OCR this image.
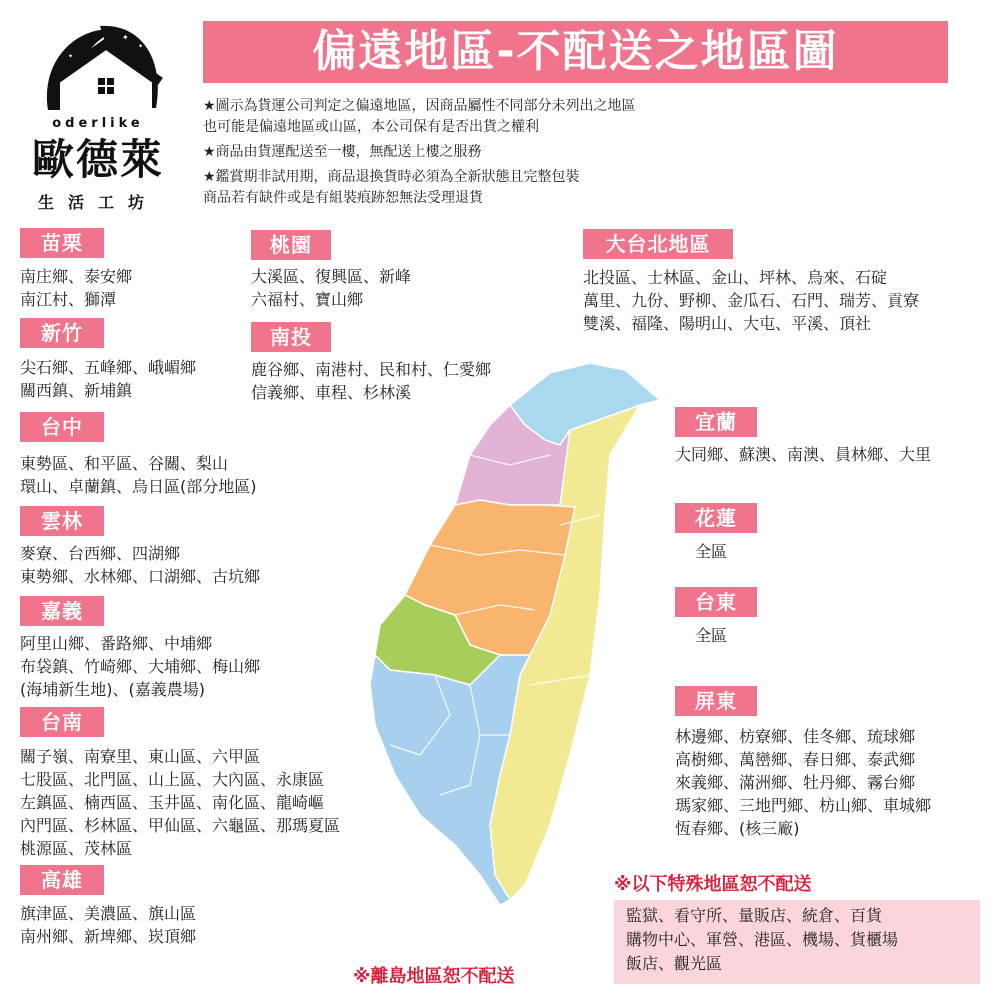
✦
✦
✦
oderlike
歐德萊
生活工坊
偏遠地區-不配送之地區圖
★圖示為貨運公司判定之偏遠地區，因商品屬性不同部分未列出之地區
也可能是偏遠地區或山區，本公司保有是否出貨之權利
★商品由貨運配送至一樓，無配送上樓之服務
★鑑賞期非試用期，商品退換貨時必須為全新狀態且完整包裝
商品若有缺件或是有組裝痕跡恕無法受理退貨
苗栗
南庄鄉、泰安鄉
南江村、獅潭
新竹
尖石鄉、五峰鄉、峨嵋鄉
關西鎮、新埔鎮
台中
東勢區、和平區、谷關、梨山
環山、卓蘭鎮、烏日區(部分地區)
雲林
麥寮、台西鄉、四湖鄉
東勢鄉、水林鄉、口湖鄉、古坑鄉
嘉義
阿里山鄉、番路鄉、中埔鄉
布袋鎮、竹崎鄉、大埔鄉、梅山鄉
(海埔新生地)、(嘉義農場)
台南
關子嶺、南寮里、東山區、六甲區
七股區、北門區、山上區、大內區、永康區
左鎮區、楠西區、玉井區、南化區、龍崎嶇
內門區、杉林區、甲仙區、六龜區、那瑪夏區
桃源區、茂林區
高雄
旗津區、美濃區、旗山區
南州鄉、新埤鄉、崁頂鄉
桃園
大溪區、復興區、新峰
六福村、寶山鄉
南投
鹿谷鄉、南港村、民和村、仁愛鄉
信義鄉、車程、杉林溪
大台北地區
北投區、士林區、金山、坪林、烏來、石碇
萬里、九份、野柳、金瓜石、石門、瑞芳、貢寮
雙溪、福隆、陽明山、大屯、平溪、頂社
宜蘭
大同鄉、蘇澳、南澳、員林鄉、大里
花蓮
全區
台東
全區
屏東
林邊鄉、枋寮鄉、佳冬鄉、琉球鄉
高樹鄉、萬巒鄉、春日鄉、泰武鄉
來義鄉、滿洲鄉、牡丹鄉、霧台鄉
瑪家鄉、三地門鄉、枋山鄉、車城鄉
恆春鄉、(核三廠)
※以下特殊地區恕不配送
監獄、看守所、量販店、統倉、百貨
購物中心、軍營、港區、機場、貨櫃場
飯店、觀光區
※離島地區恕不配送
